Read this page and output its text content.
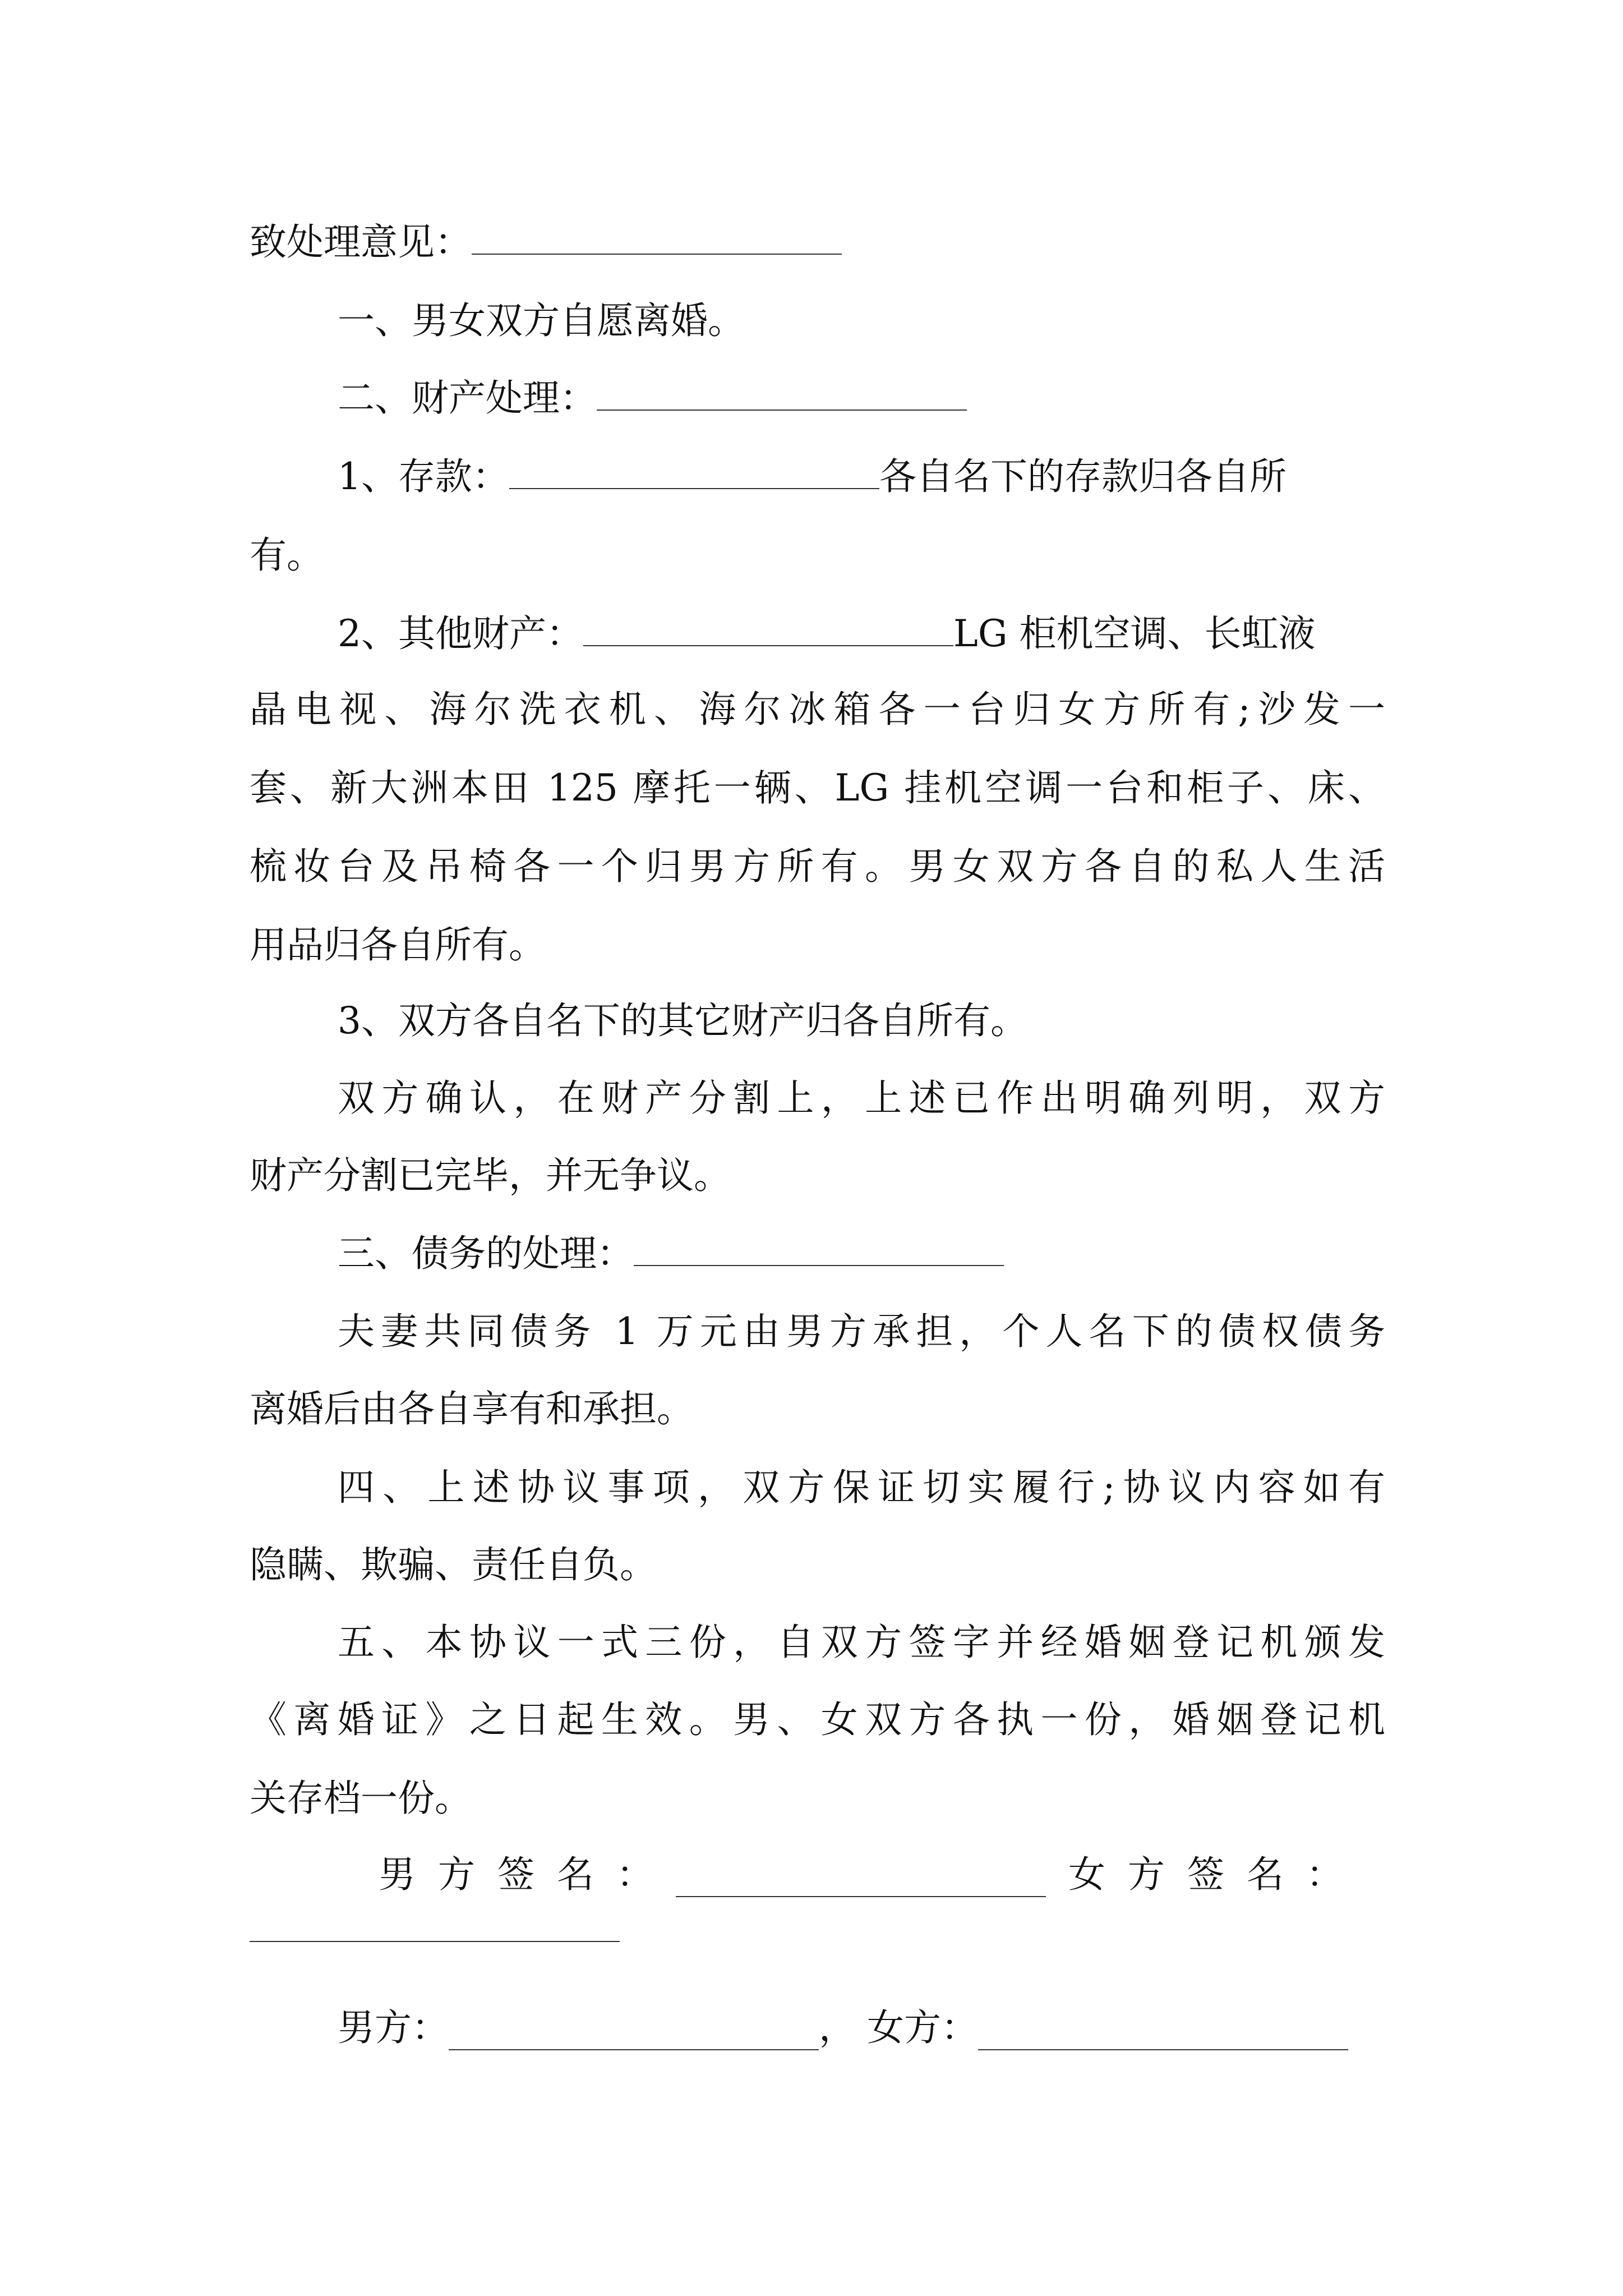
致处理意见：
一、男女双方自愿离婚。
二、财产处理：
1、存款：	各自名下的存款归各自所
有。
2、其他财产：	LG 柜机空调、长虹液
晶电视、海尔洗衣机、海尔冰箱各一台归女方所有;沙发一
套、新大洲本田 125 摩托一辆、LG 挂机空调一台和柜子、床、
梳妆台及吊椅各一个归男方所有。男女双方各自的私人生活
用品归各自所有。
3、双方各自名下的其它财产归各自所有。
双方确认，在财产分割上，上述已作出明确列明，双方
财产分割已完毕，并无争议。
三、债务的处理：
夫妻共同债务 1 万元由男方承担，个人名下的债权债务
离婚后由各自享有和承担。
四、上述协议事项，双方保证切实履行;协议内容如有
隐瞒、欺骗、责任自负。
五、本协议一式三份，自双方签字并经婚姻登记机颁发
《离婚证》之日起生效。男、女双方各执一份，婚姻登记机
关存档一份。
男方签名：	女方签名：
男方：	， 女方：
